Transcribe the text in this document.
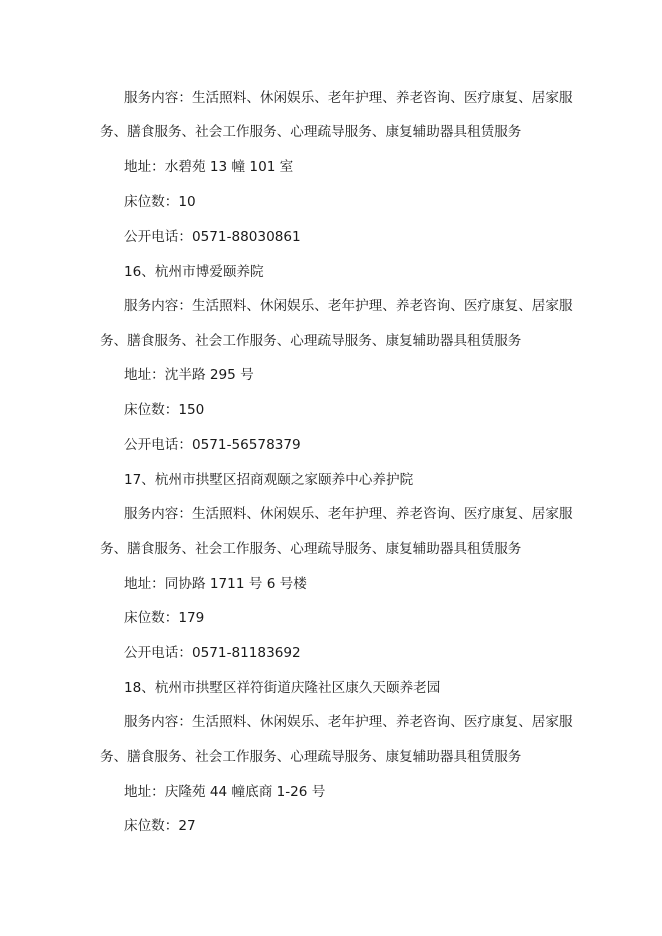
服务内容：生活照料、休闲娱乐、老年护理、养老咨询、医疗康复、居家服
务、膳食服务、社会工作服务、心理疏导服务、康复辅助器具租赁服务
地址：水碧苑 13 幢 101 室
床位数：10
公开电话：0571-88030861
16、杭州市博爱颐养院
服务内容：生活照料、休闲娱乐、老年护理、养老咨询、医疗康复、居家服
务、膳食服务、社会工作服务、心理疏导服务、康复辅助器具租赁服务
地址：沈半路 295 号
床位数：150
公开电话：0571-56578379
17、杭州市拱墅区招商观颐之家颐养中心养护院
服务内容：生活照料、休闲娱乐、老年护理、养老咨询、医疗康复、居家服
务、膳食服务、社会工作服务、心理疏导服务、康复辅助器具租赁服务
地址：同协路 1711 号 6 号楼
床位数：179
公开电话：0571-81183692
18、杭州市拱墅区祥符街道庆隆社区康久天颐养老园
服务内容：生活照料、休闲娱乐、老年护理、养老咨询、医疗康复、居家服
务、膳食服务、社会工作服务、心理疏导服务、康复辅助器具租赁服务
地址：庆隆苑 44 幢底商 1-26 号
床位数：27
